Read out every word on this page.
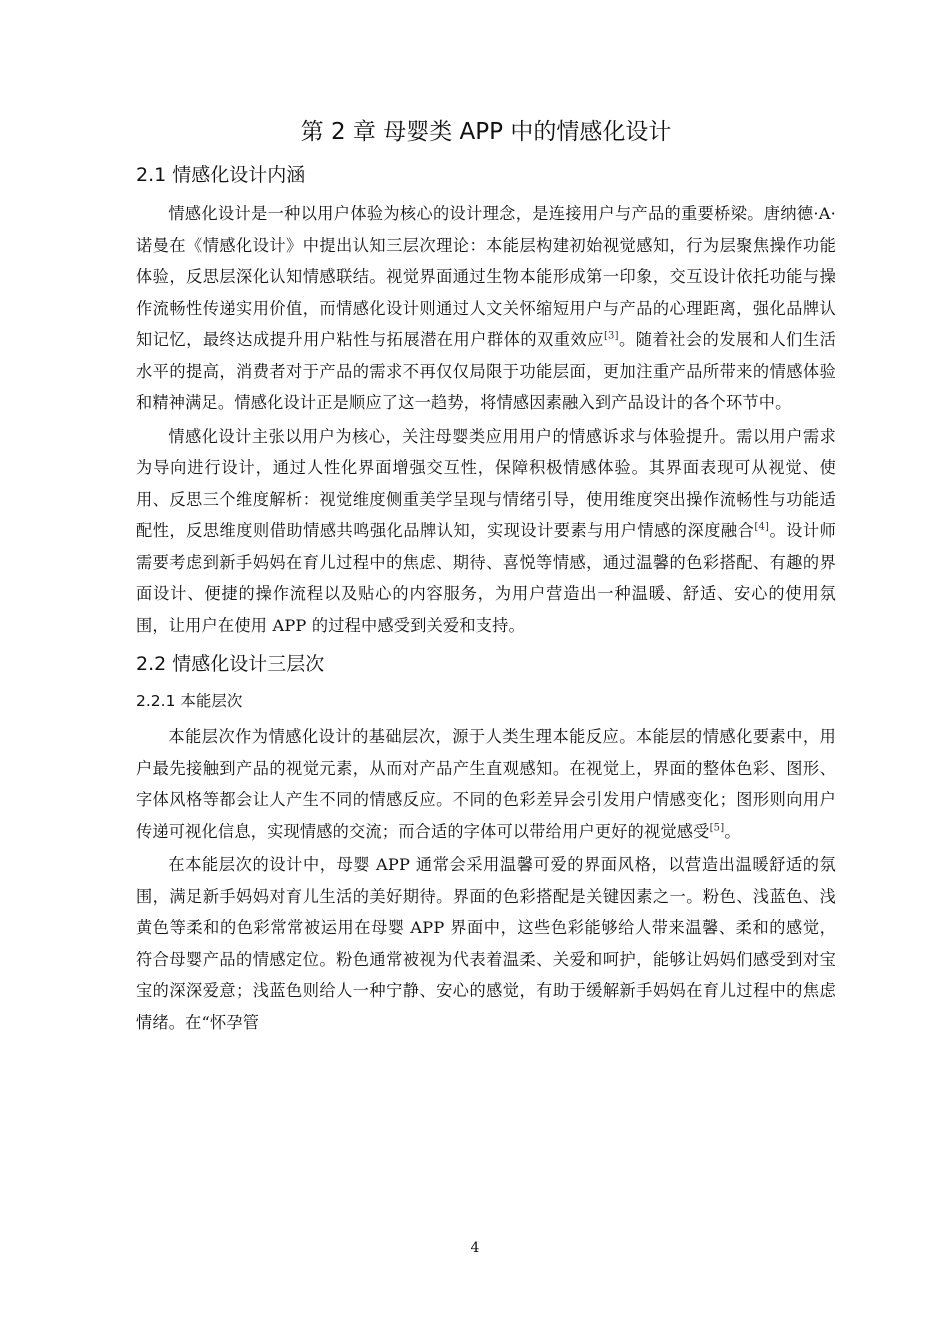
第 2 章 母婴类 APP 中的情感化设计
2.1 情感化设计内涵

情感化设计是一种以用户体验为核心的设计理念，是连接用户与产品的重要桥梁。唐纳德·A·诺曼在《情感化设计》中提出认知三层次理论：本能层构建初始视觉感知，行为层聚焦操作功能体验，反思层深化认知情感联结。视觉界面通过生物本能形成第一印象，交互设计依托功能与操作流畅性传递实用价值，而情感化设计则通过人文关怀缩短用户与产品的心理距离，强化品牌认知记忆，最终达成提升用户粘性与拓展潜在用户群体的双重效应[3]。随着社会的发展和人们生活水平的提高，消费者对于产品的需求不再仅仅局限于功能层面，更加注重产品所带来的情感体验和精神满足。情感化设计正是顺应了这一趋势，将情感因素融入到产品设计的各个环节中。

情感化设计主张以用户为核心，关注母婴类应用用户的情感诉求与体验提升。需以用户需求为导向进行设计，通过人性化界面增强交互性，保障积极情感体验。其界面表现可从视觉、使用、反思三个维度解析：视觉维度侧重美学呈现与情绪引导，使用维度突出操作流畅性与功能适配性，反思维度则借助情感共鸣强化品牌认知，实现设计要素与用户情感的深度融合[4]。设计师需要考虑到新手妈妈在育儿过程中的焦虑、期待、喜悦等情感，通过温馨的色彩搭配、有趣的界面设计、便捷的操作流程以及贴心的内容服务，为用户营造出一种温暖、舒适、安心的使用氛围，让用户在使用 APP 的过程中感受到关爱和支持。

2.2 情感化设计三层次
2.2.1 本能层次

本能层次作为情感化设计的基础层次，源于人类生理本能反应。本能层的情感化要素中，用户最先接触到产品的视觉元素，从而对产品产生直观感知。在视觉上，界面的整体色彩、图形、字体风格等都会让人产生不同的情感反应。不同的色彩差异会引发用户情感变化；图形则向用户传递可视化信息，实现情感的交流；而合适的字体可以带给用户更好的视觉感受[5]。

在本能层次的设计中，母婴 APP 通常会采用温馨可爱的界面风格，以营造出温暖舒适的氛围，满足新手妈妈对育儿生活的美好期待。界面的色彩搭配是关键因素之一。粉色、浅蓝色、浅黄色等柔和的色彩常常被运用在母婴 APP 界面中，这些色彩能够给人带来温馨、柔和的感觉，符合母婴产品的情感定位。粉色通常被视为代表着温柔、关爱和呵护，能够让妈妈们感受到对宝宝的深深爱意；浅蓝色则给人一种宁静、安心的感觉，有助于缓解新手妈妈在育儿过程中的焦虑情绪。在“怀孕管

4
